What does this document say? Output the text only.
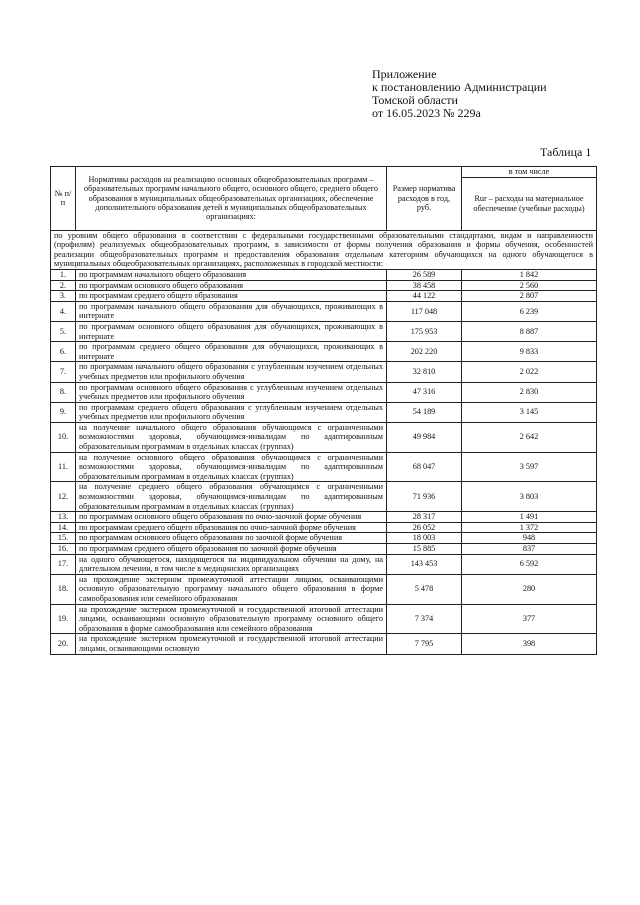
Приложение
к постановлению Администрации
Томской области
от 16.05.2023 № 229а
Таблица 1
№ п/п	Нормативы расходов на реализацию основных общеобразовательных программ – образовательных программ начального общего, основного общего, среднего общего образования в муниципальных общеобразовательных организациях, обеспечение дополнительного образования детей в муниципальных общеобразовательных организациях:	Размер норматива расходов в год, руб.	в том числе
			Rur – расходы на материальное обеспечение (учебные расходы)
по уровням общего образования в соответствии с федеральными государственными образовательными стандартами, видам и направленности (профилям) реализуемых общеобразовательных программ, в зависимости от формы получения образования и формы обучения, особенностей реализации общеобразовательных программ и предоставления образования отдельным категориям обучающихся на одного обучающегося в муниципальных общеобразовательных организациях, расположенных в городской местности:			
1.	по программам начального общего образования	26 589	1 842
2.	по программам основного общего образования	38 458	2 560
3.	по программам среднего общего образования	44 122	2 807
4.	по программам начального общего образования для обучающихся, проживающих в интернате	117 048	6 239
5.	по программам основного общего образования для обучающихся, проживающих в интернате	175 953	8 887
6.	по программам среднего общего образования для обучающихся, проживающих в интернате	202 220	9 833
7.	по программам начального общего образования с углубленным изучением отдельных учебных предметов или профильного обучения	32 810	2 022
8.	по программам основного общего образования с углубленным изучением отдельных учебных предметов или профильного обучения	47 316	2 830
9.	по программам среднего общего образования с углубленным изучением отдельных учебных предметов или профильного обучения	54 189	3 145
10.	на получение начального общего образования обучающимся с ограниченными возможностями здоровья, обучающимся-инвалидам по адаптированным образовательным программам в отдельных классах (группах)	49 984	2 642
11.	на получение основного общего образования обучающимся с ограниченными возможностями здоровья, обучающимся-инвалидам по адаптированным образовательным программам в отдельных классах (группах)	68 047	3 597
12.	на получение среднего общего образования обучающимся с ограниченными возможностями здоровья, обучающимся-инвалидам по адаптированным образовательным программам в отдельных классах (группах)	71 936	3 803
13.	по программам основного общего образования по очно-заочной форме обучения	28 317	1 491
14.	по программам среднего общего образования по очно-заочной форме обучения	26 052	1 372
15.	по программам основного общего образования по заочной форме обучения	18 003	948
16.	по программам среднего общего образования по заочной форме обучения	15 885	837
17.	на одного обучающегося, находящегося на индивидуальном обучении на дому, на длительном лечении, в том числе в медицинских организациях	143 453	6 592
18.	на прохождение экстерном промежуточной аттестации лицами, осваивающими основную образовательную программу начального общего образования в форме самообразования или семейного образования	5 478	280
19.	на прохождение экстерном промежуточной и государственной итоговой аттестации лицами, осваивающими основную образовательную программу основного общего образования в форме самообразования или семейного образования	7 374	377
20.	на прохождение экстерном промежуточной и государственной итоговой аттестации лицами, осваивающими основную	7 795	398
